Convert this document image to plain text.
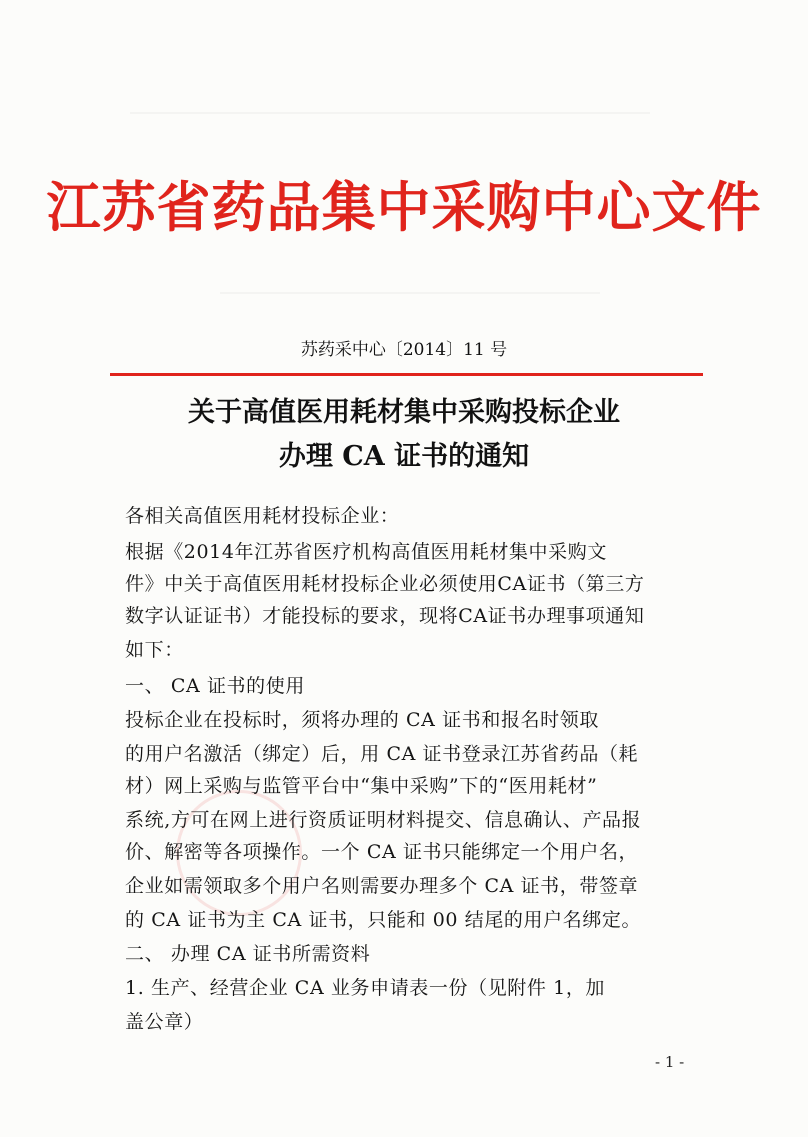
江苏省药品集中采购中心文件
苏药采中心〔2014〕11 号
关于高值医用耗材集中采购投标企业
办理 CA 证书的通知
各相关高值医用耗材投标企业：
根据《2014年江苏省医疗机构高值医用耗材集中采购文
件》中关于高值医用耗材投标企业必须使用CA证书（第三方
数字认证证书）才能投标的要求，现将CA证书办理事项通知
如下：
一、 CA 证书的使用
投标企业在投标时，须将办理的 CA 证书和报名时领取
的用户名激活（绑定）后，用 CA 证书登录江苏省药品（耗
材）网上采购与监管平台中“集中采购”下的“医用耗材”
系统,方可在网上进行资质证明材料提交、信息确认、产品报
价、解密等各项操作。一个 CA 证书只能绑定一个用户名，
企业如需领取多个用户名则需要办理多个 CA 证书，带签章
的 CA 证书为主 CA 证书，只能和 00 结尾的用户名绑定。
二、 办理 CA 证书所需资料
1. 生产、经营企业 CA 业务申请表一份（见附件 1，加
盖公章）
- 1 -
